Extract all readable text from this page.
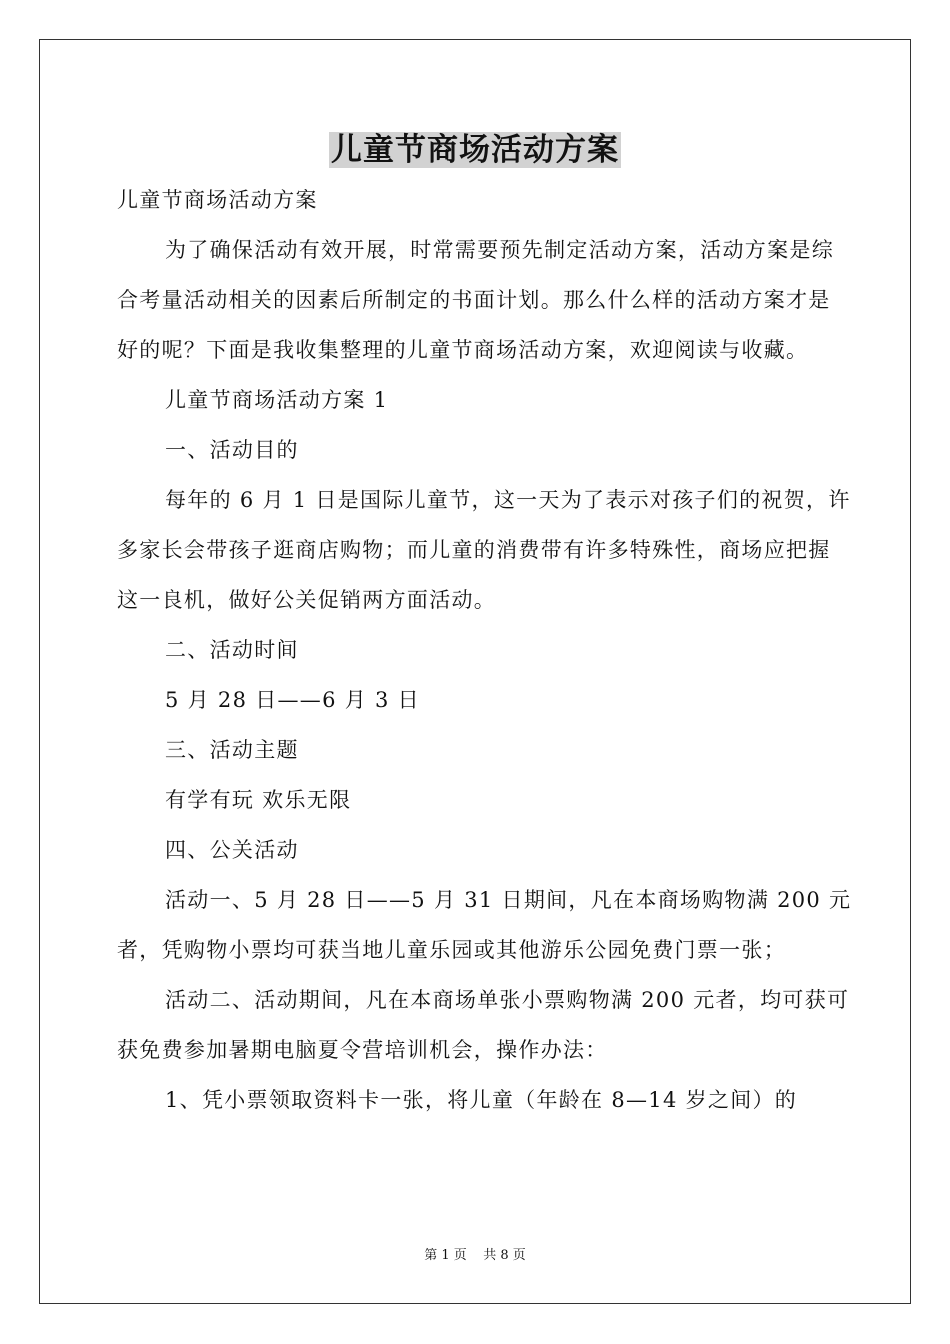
儿童节商场活动方案

儿童节商场活动方案

为了确保活动有效开展，时常需要预先制定活动方案，活动方案是综合考量活动相关的因素后所制定的书面计划。那么什么样的活动方案才是好的呢？下面是我收集整理的儿童节商场活动方案，欢迎阅读与收藏。

儿童节商场活动方案 1

一、活动目的

每年的 6 月 1 日是国际儿童节，这一天为了表示对孩子们的祝贺，许多家长会带孩子逛商店购物；而儿童的消费带有许多特殊性，商场应把握这一良机，做好公关促销两方面活动。

二、活动时间

5 月 28 日——6 月 3 日

三、活动主题

有学有玩 欢乐无限

四、公关活动

活动一、5 月 28 日——5 月 31 日期间，凡在本商场购物满 200 元者，凭购物小票均可获当地儿童乐园或其他游乐公园免费门票一张；

活动二、活动期间，凡在本商场单张小票购物满 200 元者，均可获可获免费参加暑期电脑夏令营培训机会，操作办法：

1、凭小票领取资料卡一张，将儿童（年龄在 8—14 岁之间）的

第 1 页    共 8 页
